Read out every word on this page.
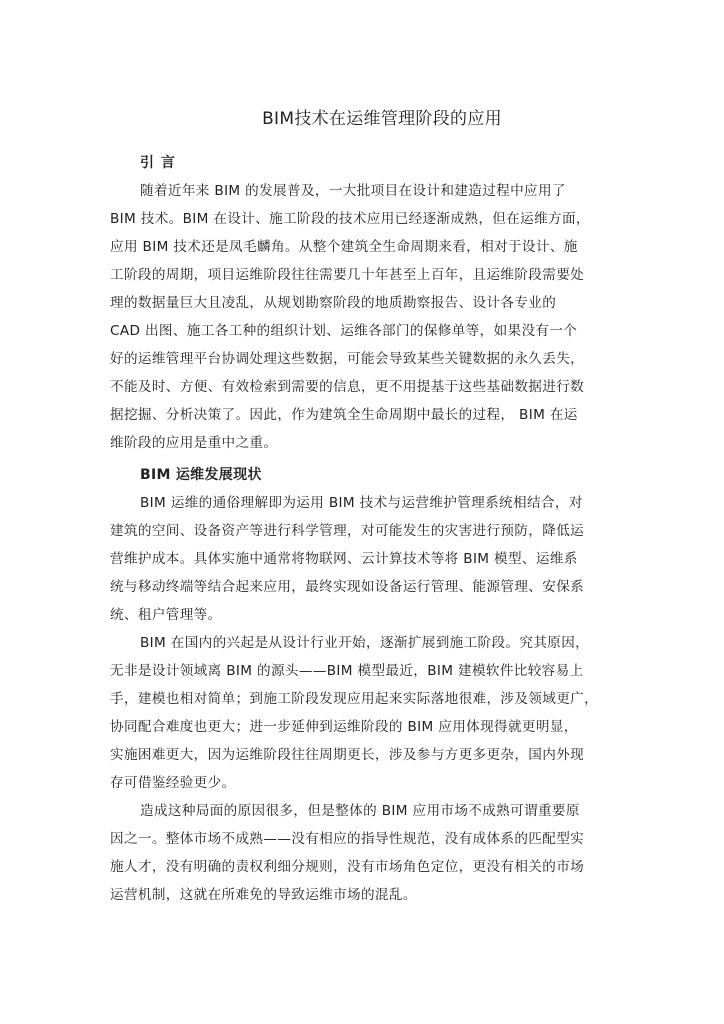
BIM技术在运维管理阶段的应用
引 言
随着近年来 BIM 的发展普及，一大批项目在设计和建造过程中应用了
BIM 技术。BIM 在设计、施工阶段的技术应用已经逐渐成熟，但在运维方面，
应用 BIM 技术还是凤毛麟角。从整个建筑全生命周期来看，相对于设计、施
工阶段的周期，项目运维阶段往往需要几十年甚至上百年，且运维阶段需要处
理的数据量巨大且凌乱，从规划勘察阶段的地质勘察报告、设计各专业的
CAD 出图、施工各工种的组织计划、运维各部门的保修单等，如果没有一个
好的运维管理平台协调处理这些数据，可能会导致某些关键数据的永久丢失，
不能及时、方便、有效检索到需要的信息，更不用提基于这些基础数据进行数
据挖掘、分析决策了。因此，作为建筑全生命周期中最长的过程， BIM 在运
维阶段的应用是重中之重。
BIM 运维发展现状
BIM 运维的通俗理解即为运用 BIM 技术与运营维护管理系统相结合，对
建筑的空间、设备资产等进行科学管理，对可能发生的灾害进行预防，降低运
营维护成本。具体实施中通常将物联网、云计算技术等将 BIM 模型、运维系
统与移动终端等结合起来应用，最终实现如设备运行管理、能源管理、安保系
统、租户管理等。
BIM 在国内的兴起是从设计行业开始，逐渐扩展到施工阶段。究其原因，
无非是设计领域离 BIM 的源头——BIM 模型最近，BIM 建模软件比较容易上
手，建模也相对简单；到施工阶段发现应用起来实际落地很难，涉及领域更广，
协同配合难度也更大；进一步延伸到运维阶段的 BIM 应用体现得就更明显，
实施困难更大，因为运维阶段往往周期更长，涉及参与方更多更杂，国内外现
存可借鉴经验更少。
造成这种局面的原因很多，但是整体的 BIM 应用市场不成熟可谓重要原
因之一。整体市场不成熟——没有相应的指导性规范，没有成体系的匹配型实
施人才，没有明确的责权利细分规则，没有市场角色定位，更没有相关的市场
运营机制，这就在所难免的导致运维市场的混乱。
